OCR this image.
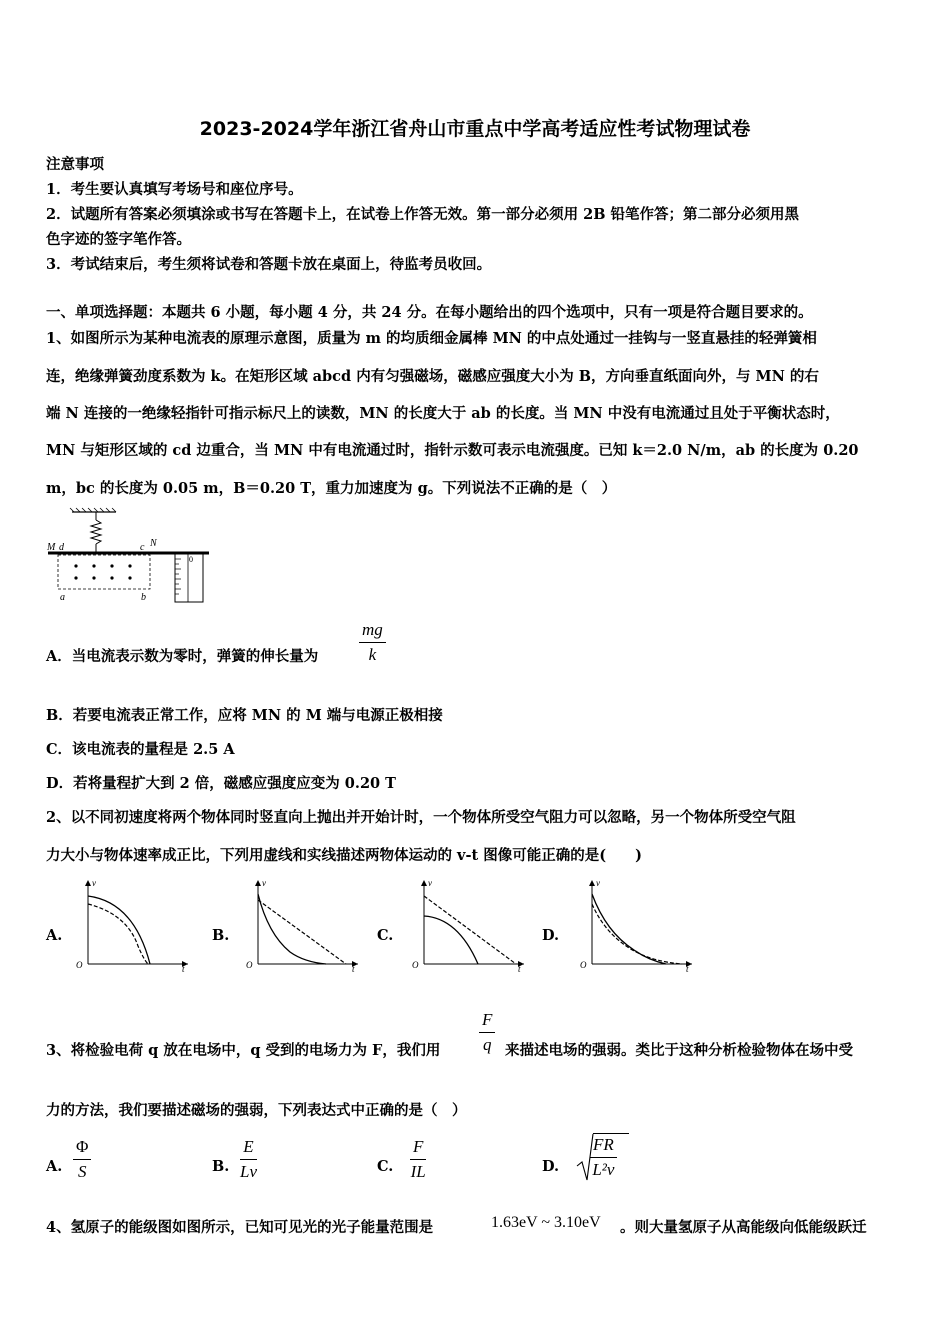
2023-2024学年浙江省舟山市重点中学高考适应性考试物理试卷
注意事项
1．考生要认真填写考场号和座位序号。
2．试题所有答案必须填涂或书写在答题卡上，在试卷上作答无效。第一部分必须用 2B 铅笔作答；第二部分必须用黑
色字迹的签字笔作答。
3．考试结束后，考生须将试卷和答题卡放在桌面上，待监考员收回。
一、单项选择题：本题共 6 小题，每小题 4 分，共 24 分。在每小题给出的四个选项中，只有一项是符合题目要求的。
1、如图所示为某种电流表的原理示意图，质量为 m 的均质细金属棒 MN 的中点处通过一挂钩与一竖直悬挂的轻弹簧相
连，绝缘弹簧劲度系数为 k。在矩形区域 abcd 内有匀强磁场，磁感应强度大小为 B，方向垂直纸面向外，与 MN 的右
端 N 连接的一绝缘轻指针可指示标尺上的读数，MN 的长度大于 ab 的长度。当 MN 中没有电流通过且处于平衡状态时，
MN 与矩形区域的 cd 边重合，当 MN 中有电流通过时，指针示数可表示电流强度。已知 k＝2.0 N/m，ab 的长度为 0.20
m，bc 的长度为 0.05 m，B＝0.20 T，重力加速度为 g。下列说法不正确的是（　）
M d	c N
a	b
0
A．当电流表示数为零时，弹簧的伸长量为 $\frac{mg}{k}$
B．若要电流表正常工作，应将 MN 的 M 端与电源正极相接
C．该电流表的量程是 2.5 A
D．若将量程扩大到 2 倍，磁感应强度应变为 0.20 T
2、以不同初速度将两个物体同时竖直向上抛出并开始计时，一个物体所受空气阻力可以忽略，另一个物体所受空气阻
力大小与物体速率成正比，下列用虚线和实线描述两物体运动的 v-t 图像可能正确的是(　　)
A.
v
t
O
B.
v
t
O
C.
v
t
O
D.
v
t
O
3、将检验电荷 q 放在电场中，q 受到的电场力为 F，我们用 $\frac{F}{q}$ 来描述电场的强弱。类比于这种分析检验物体在场中受
力的方法，我们要描述磁场的强弱，下列表达式中正确的是（　）
A. $\frac{\Phi}{S}$	B. $\frac{E}{Lv}$	C. $\frac{F}{IL}$	D. $\frac{FR}{\text{L²v}}$
4、氢原子的能级图如图所示，已知可见光的光子能量范围是	1.63eV ~ 3.10eV 。则大量氢原子从高能级向低能级跃迁
